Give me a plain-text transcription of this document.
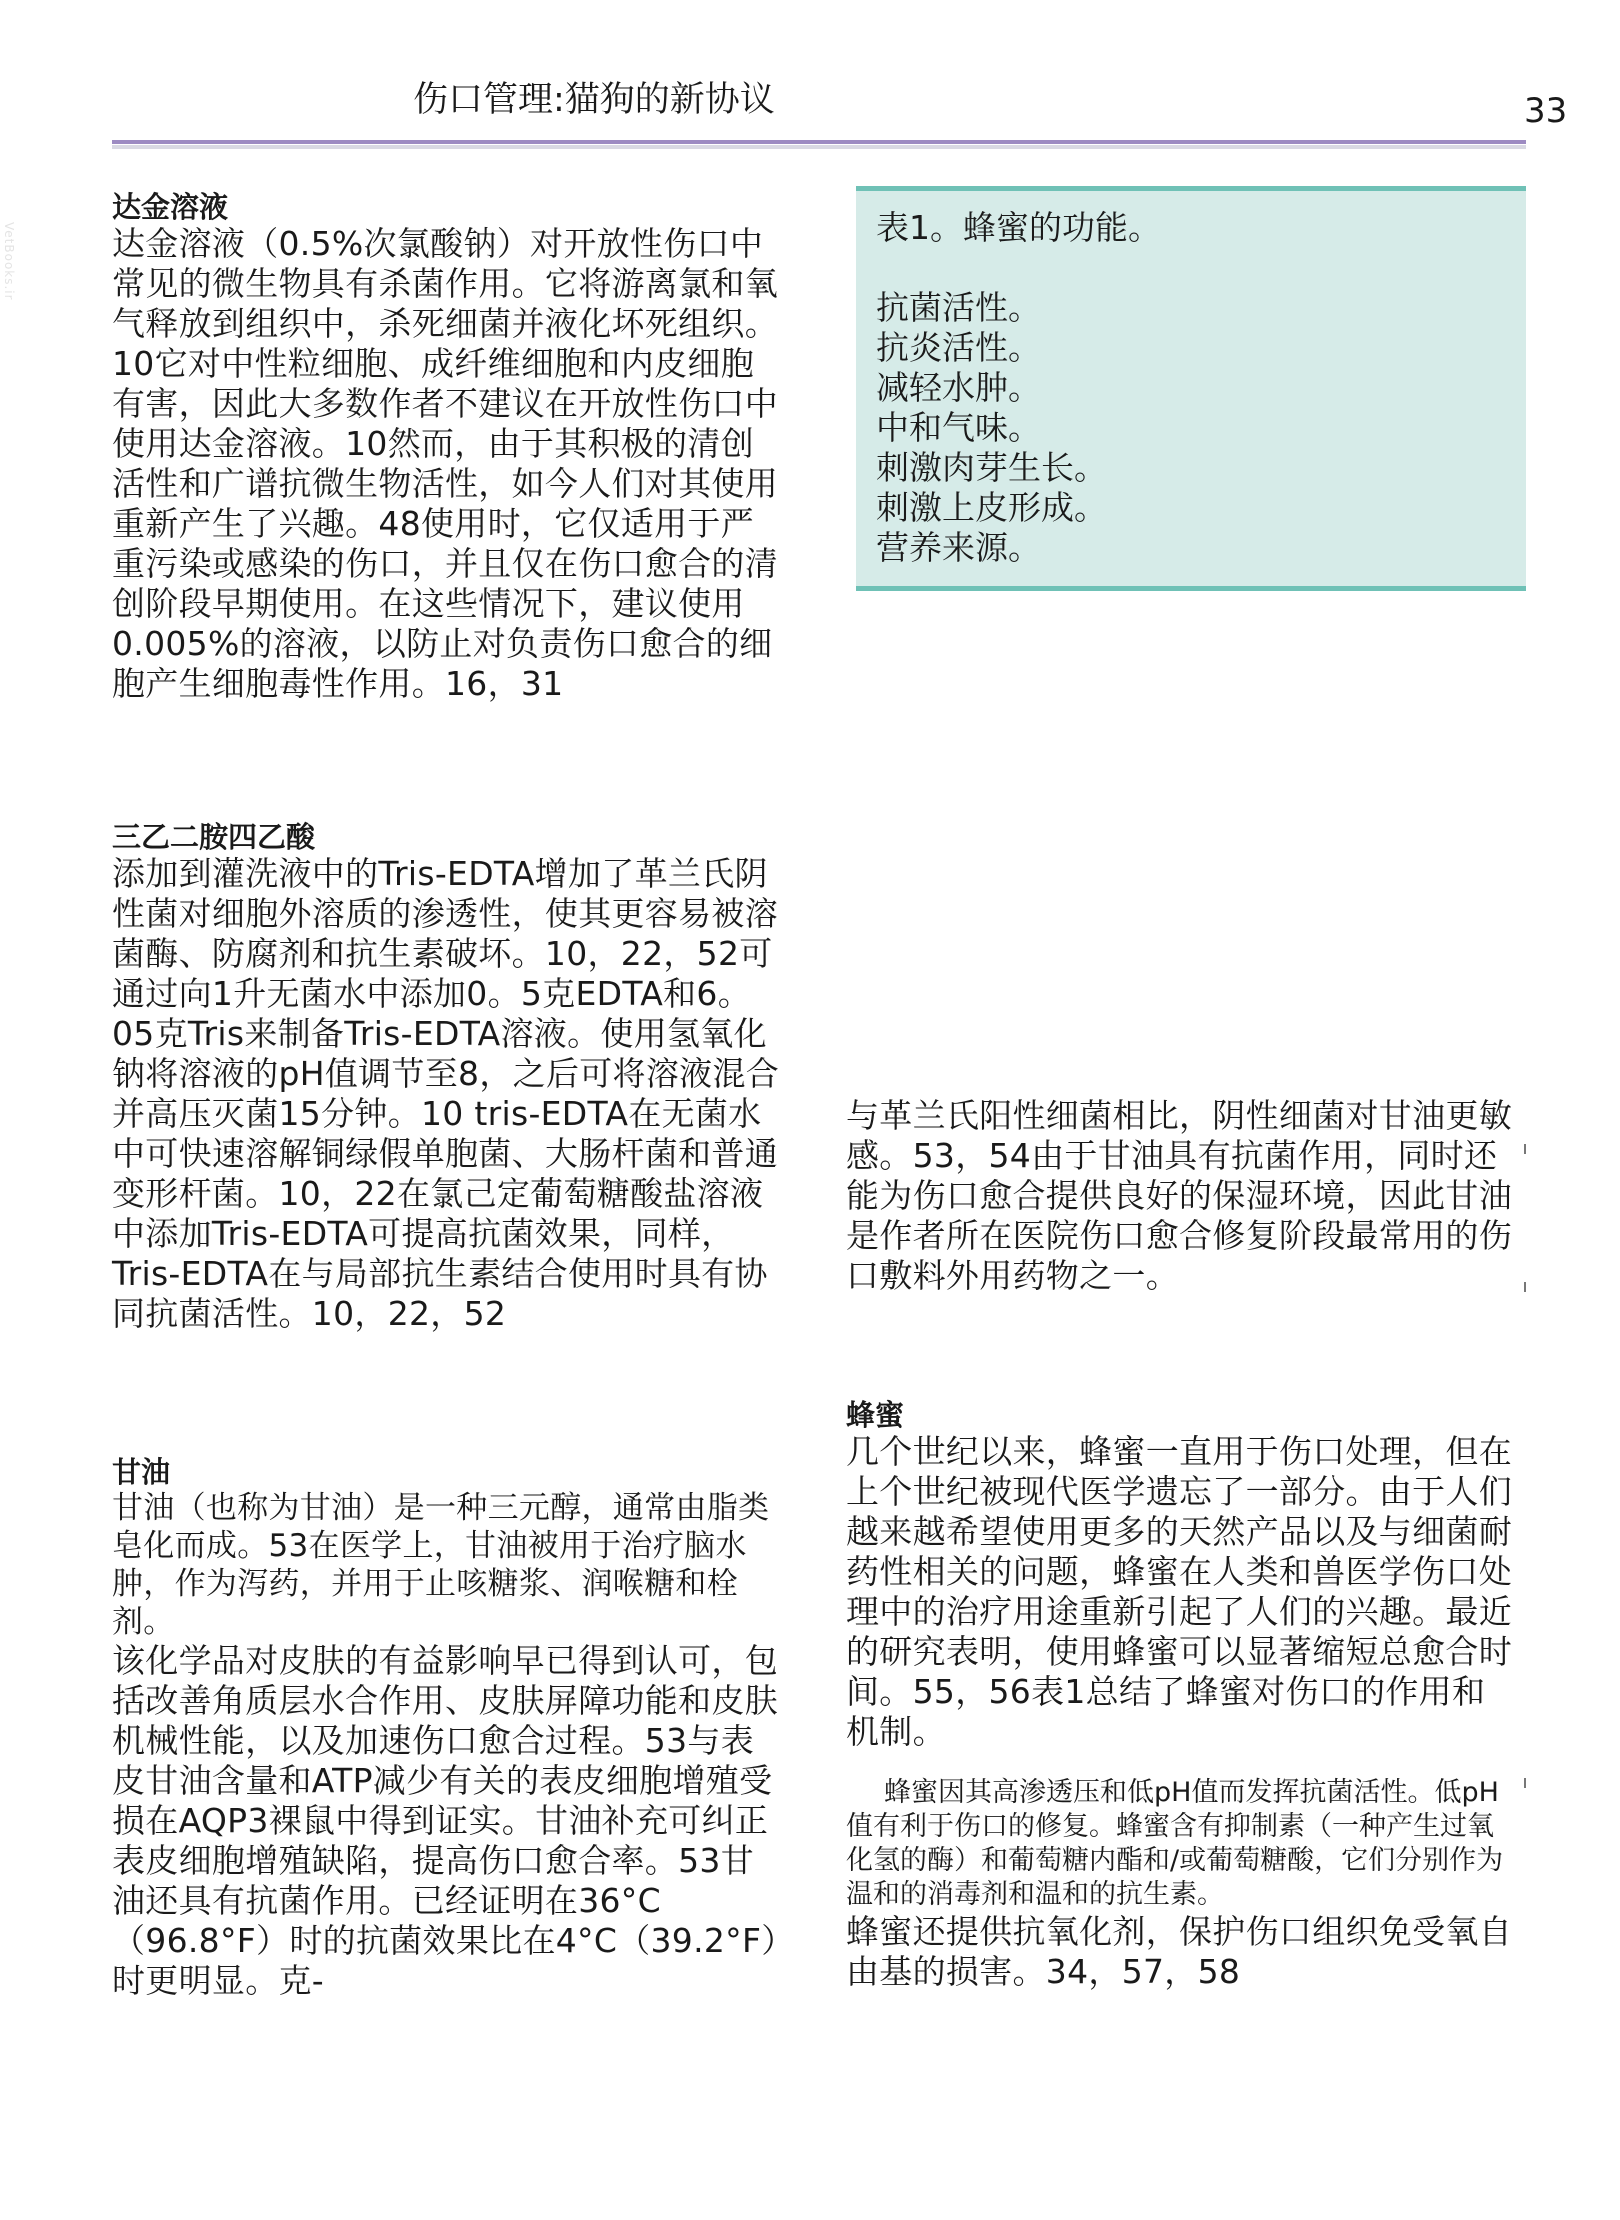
伤口管理:猫狗的新协议	33
VetBooks.ir
达金溶液

达金溶液（0.5%次氯酸钠）对开放性伤口中常见的微生物具有杀菌作用。它将游离氯和氧气释放到组织中，杀死细菌并液化坏死组织。10它对中性粒细胞、成纤维细胞和内皮细胞有害，因此大多数作者不建议在开放性伤口中使用达金溶液。10然而，由于其积极的清创活性和广谱抗微生物活性，如今人们对其使用重新产生了兴趣。48使用时，它仅适用于严重污染或感染的伤口，并且仅在伤口愈合的清创阶段早期使用。在这些情况下，建议使用0.005%的溶液，以防止对负责伤口愈合的细胞产生细胞毒性作用。16，31

三乙二胺四乙酸

添加到灌洗液中的Tris-EDTA增加了革兰氏阴性菌对细胞外溶质的渗透性，使其更容易被溶菌酶、防腐剂和抗生素破坏。10，22，52可通过向1升无菌水中添加0。5克EDTA和6。05克Tris来制备Tris-EDTA溶液。使用氢氧化钠将溶液的pH值调节至8，之后可将溶液混合并高压灭菌15分钟。10 tris-EDTA在无菌水中可快速溶解铜绿假单胞菌、大肠杆菌和普通变形杆菌。10，22在氯己定葡萄糖酸盐溶液中添加Tris-EDTA可提高抗菌效果，同样，Tris-EDTA在与局部抗生素结合使用时具有协同抗菌活性。10，22，52

甘油

甘油（也称为甘油）是一种三元醇，通常由脂类皂化而成。53在医学上，甘油被用于治疗脑水肿，作为泻药，并用于止咳糖浆、润喉糖和栓剂。

该化学品对皮肤的有益影响早已得到认可，包括改善角质层水合作用、皮肤屏障功能和皮肤机械性能，以及加速伤口愈合过程。53与表皮甘油含量和ATP减少有关的表皮细胞增殖受损在AQP3裸鼠中得到证实。甘油补充可纠正表皮细胞增殖缺陷，提高伤口愈合率。53甘油还具有抗菌作用。已经证明在36°C（96.8°F）时的抗菌效果比在4°C（39.2°F）时更明显。克-

表1。蜂蜜的功能。

抗菌活性。
抗炎活性。
减轻水肿。
中和气味。
刺激肉芽生长。
刺激上皮形成。
营养来源。

与革兰氏阳性细菌相比，阴性细菌对甘油更敏感。53，54由于甘油具有抗菌作用，同时还能为伤口愈合提供良好的保湿环境，因此甘油是作者所在医院伤口愈合修复阶段最常用的伤口敷料外用药物之一。

蜂蜜

几个世纪以来，蜂蜜一直用于伤口处理，但在上个世纪被现代医学遗忘了一部分。由于人们越来越希望使用更多的天然产品以及与细菌耐药性相关的问题，蜂蜜在人类和兽医学伤口处理中的治疗用途重新引起了人们的兴趣。最近的研究表明，使用蜂蜜可以显著缩短总愈合时间。55，56表1总结了蜂蜜对伤口的作用和机制。

蜂蜜因其高渗透压和低pH值而发挥抗菌活性。低pH值有利于伤口的修复。蜂蜜含有抑制素（一种产生过氧化氢的酶）和葡萄糖内酯和/或葡萄糖酸，它们分别作为温和的消毒剂和温和的抗生素。

蜂蜜还提供抗氧化剂，保护伤口组织免受氧自由基的损害。34，57，58
